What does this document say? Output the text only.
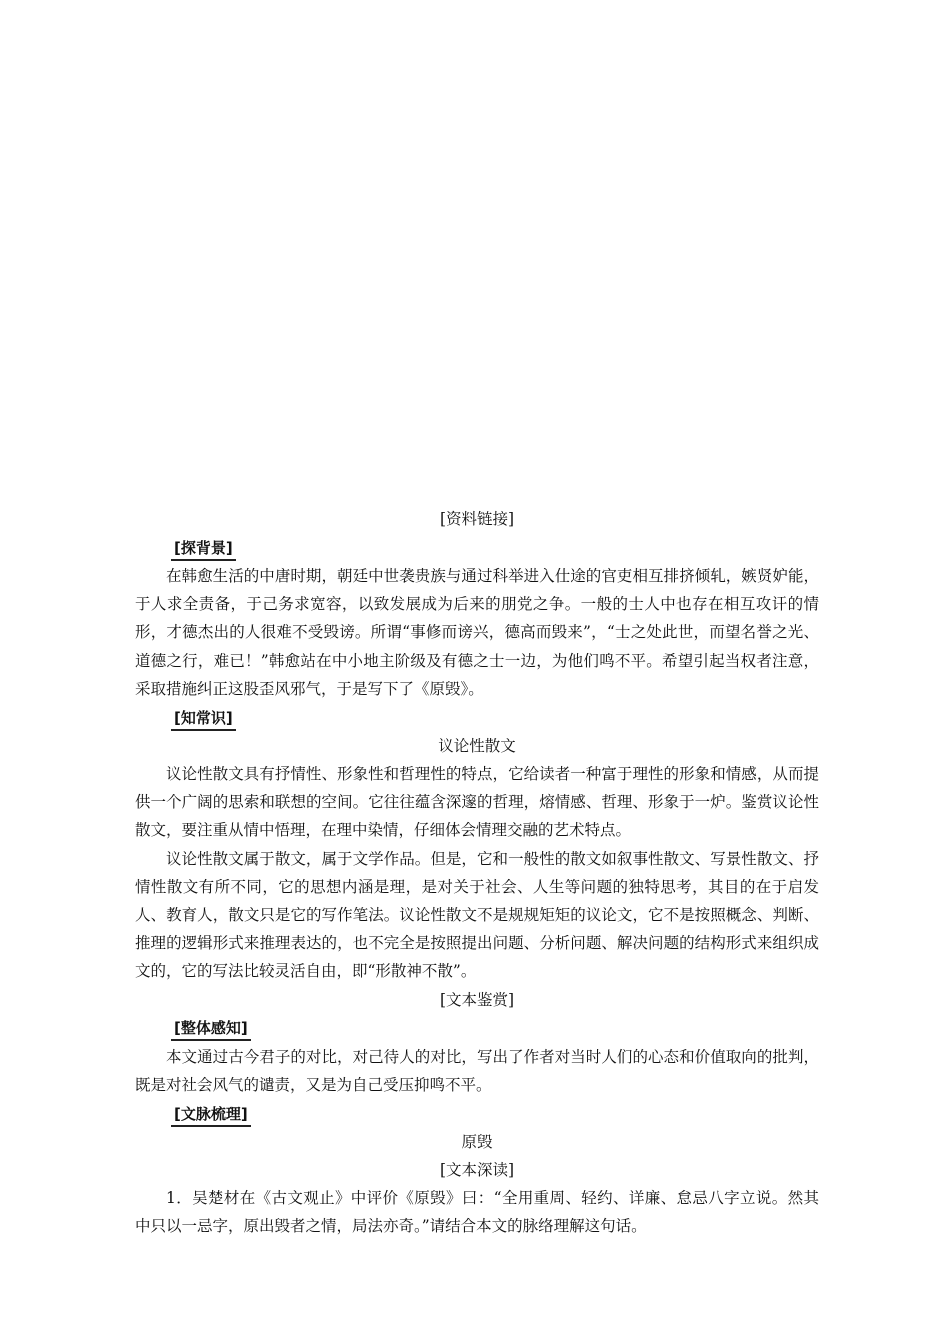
[资料链接]
[探背景]

在韩愈生活的中唐时期，朝廷中世袭贵族与通过科举进入仕途的官吏相互排挤倾轧，嫉贤妒能，于人求全责备，于己务求宽容，以致发展成为后来的朋党之争。一般的士人中也存在相互攻讦的情形，才德杰出的人很难不受毁谤。所谓“事修而谤兴，德高而毁来”，“士之处此世，而望名誉之光、道德之行，难已！”韩愈站在中小地主阶级及有德之士一边，为他们鸣不平。希望引起当权者注意，采取措施纠正这股歪风邪气，于是写下了《原毁》。

[知常识]
议论性散文

议论性散文具有抒情性、形象性和哲理性的特点，它给读者一种富于理性的形象和情感，从而提供一个广阔的思索和联想的空间。它往往蕴含深邃的哲理，熔情感、哲理、形象于一炉。鉴赏议论性散文，要注重从情中悟理，在理中染情，仔细体会情理交融的艺术特点。

议论性散文属于散文，属于文学作品。但是，它和一般性的散文如叙事性散文、写景性散文、抒情性散文有所不同，它的思想内涵是理，是对关于社会、人生等问题的独特思考，其目的在于启发人、教育人，散文只是它的写作笔法。议论性散文不是规规矩矩的议论文，它不是按照概念、判断、推理的逻辑形式来推理表达的，也不完全是按照提出问题、分析问题、解决问题的结构形式来组织成文的，它的写法比较灵活自由，即“形散神不散”。

[文本鉴赏]
[整体感知]

本文通过古今君子的对比，对己待人的对比，写出了作者对当时人们的心态和价值取向的批判，既是对社会风气的谴责，又是为自己受压抑鸣不平。

[文脉梳理]
原毁
[文本深读]

1．吴楚材在《古文观止》中评价《原毁》曰：“全用重周、轻约、详廉、怠忌八字立说。然其中只以一忌字，原出毁者之情，局法亦奇。”请结合本文的脉络理解这句话。
